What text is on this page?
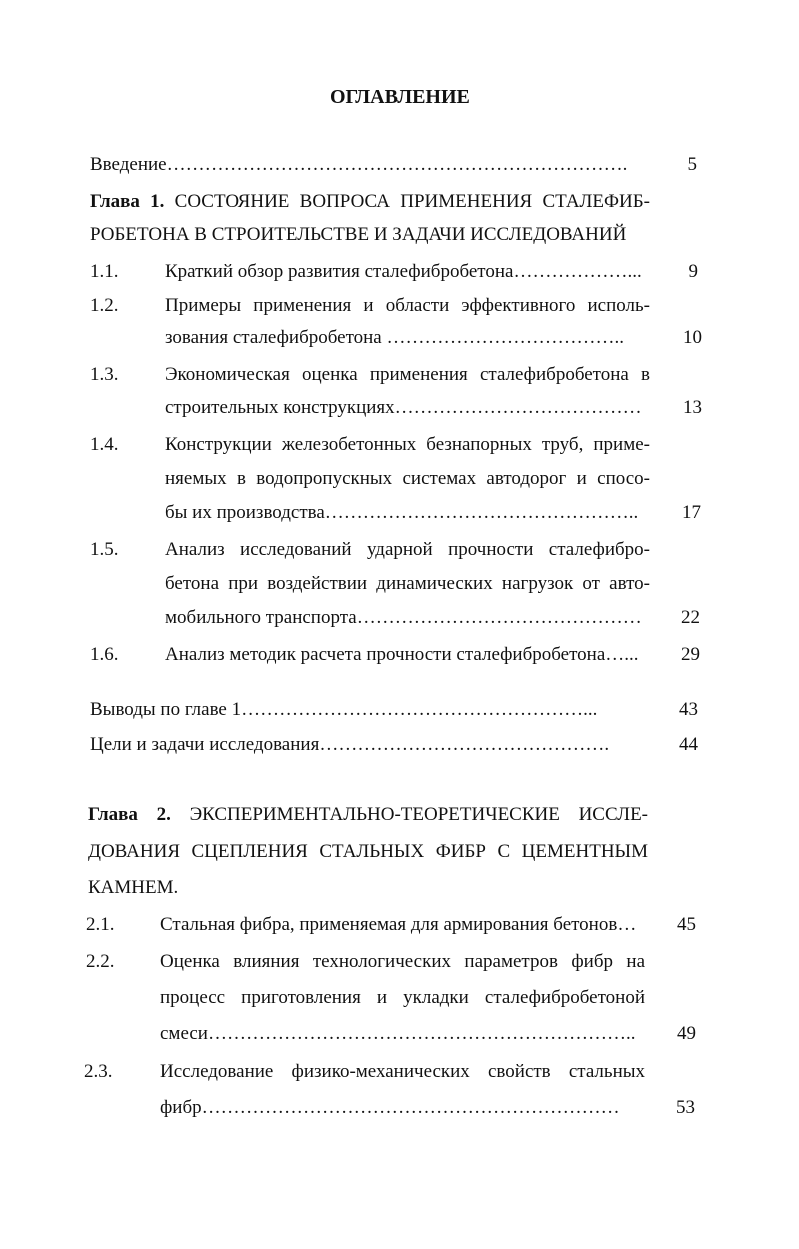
ОГЛАВЛЕНИЕ
Введение……………………………………………………………….	5
Глава 1. СОСТОЯНИЕ ВОПРОСА ПРИМЕНЕНИЯ СТАЛЕФИБ-
РОБЕТОНА В СТРОИТЕЛЬСТВЕ И ЗАДАЧИ ИССЛЕДОВАНИЙ
1.1. Краткий обзор развития сталефибробетона………………...	9
1.2. Примеры применения и области эффективного исполь-
зования сталефибробетона ………………………………..	10
1.3. Экономическая оценка применения сталефибробетона в
строительных конструкциях…………………………………	13
1.4. Конструкции железобетонных безнапорных труб, приме-
няемых в водопропускных системах автодорог и спосо-
бы их производства…………………………………………..	17
1.5. Анализ исследований ударной прочности сталефибро-
бетона при воздействии динамических нагрузок от авто-
мобильного транспорта………………………………………	22
1.6. Анализ методик расчета прочности сталефибробетона…...	29
Выводы по главе 1………………………………………………...	43
Цели и задачи исследования……………………………………….	44
Глава 2. ЭКСПЕРИМЕНТАЛЬНО-ТЕОРЕТИЧЕСКИЕ ИССЛЕ-
ДОВАНИЯ СЦЕПЛЕНИЯ СТАЛЬНЫХ ФИБР С ЦЕМЕНТНЫМ
КАМНЕМ.
2.1. Стальная фибра, применяемая для армирования бетонов…	45
2.2. Оценка влияния технологических параметров фибр на
процесс приготовления и укладки сталефибробетоной
смеси…………………………………………………………..	49
2.3.	Исследование физико-механических свойств стальных
фибр…………………………………………………………	53
